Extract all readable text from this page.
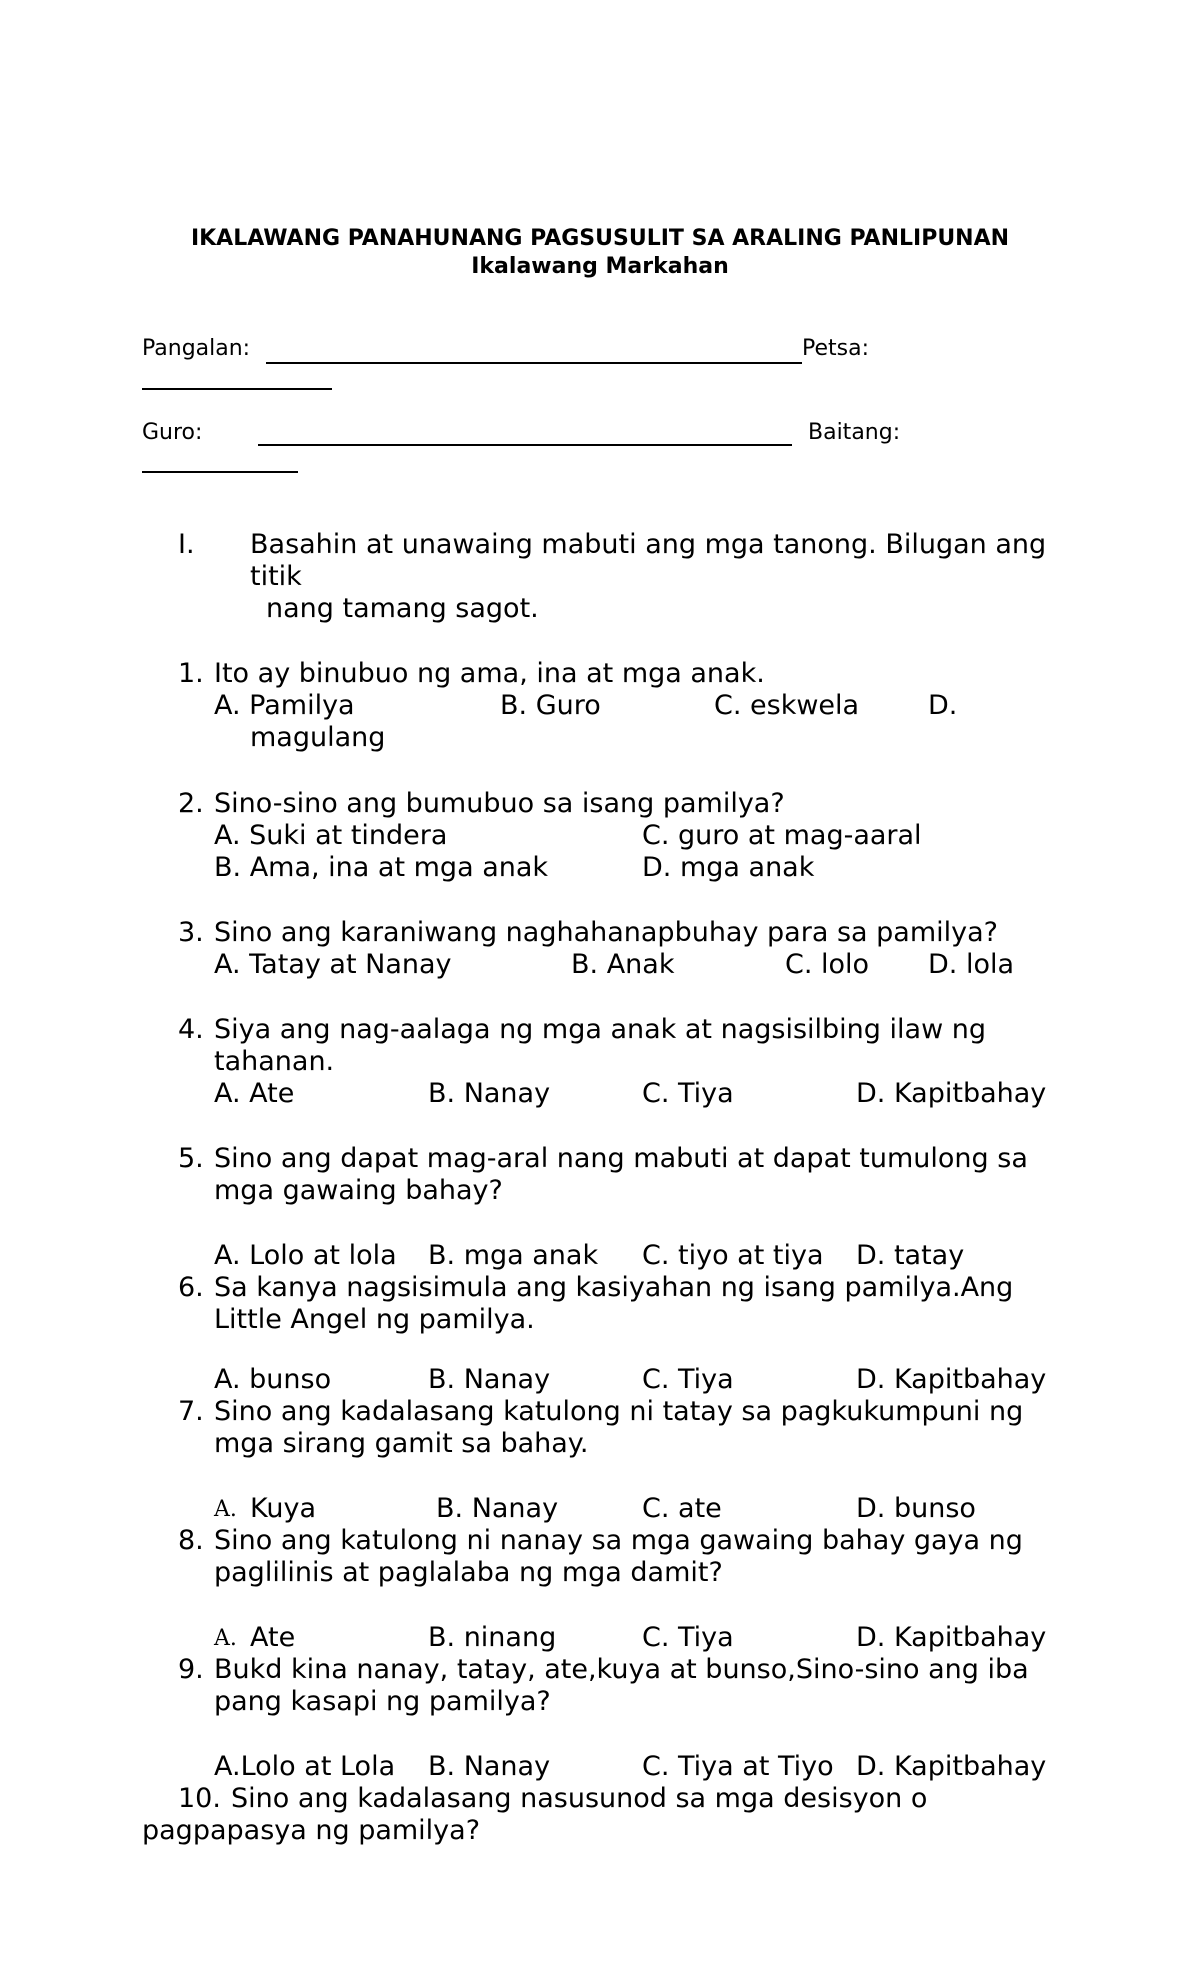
IKALAWANG PANAHUNANG PAGSUSULIT SA ARALING PANLIPUNAN
Ikalawang Markahan
Pangalan:	Petsa:
Guro:	Baitang:
I. Basahin at unawaing mabuti ang mga tanong. Bilugan ang
titik
nang tamang sagot.
1. Ito ay binubuo ng ama, ina at mga anak.
A. Pamilya	B. Guro	C. eskwela	D.
magulang
2. Sino-sino ang bumubuo sa isang pamilya?
A. Suki at tindera	C. guro at mag-aaral
B. Ama, ina at mga anak	D. mga anak
3. Sino ang karaniwang naghahanapbuhay para sa pamilya?
A. Tatay at Nanay	B. Anak	C. lolo D. lola
4. Siya ang nag-aalaga ng mga anak at nagsisilbing ilaw ng
tahanan.
A. Ate	B. Nanay	C. Tiya	D. Kapitbahay
5. Sino ang dapat mag-aral nang mabuti at dapat tumulong sa
mga gawaing bahay?
A. Lolo at lola B. mga anak C. tiyo at tiya D. tatay
6. Sa kanya nagsisimula ang kasiyahan ng isang pamilya.Ang
Little Angel ng pamilya.
A. bunso	B. Nanay	C. Tiya	D. Kapitbahay
7. Sino ang kadalasang katulong ni tatay sa pagkukumpuni ng
mga sirang gamit sa bahay.
A. Kuya	B. Nanay	C. ate	D. bunso
8. Sino ang katulong ni nanay sa mga gawaing bahay gaya ng
paglilinis at paglalaba ng mga damit?
A. Ate	B. ninang	C. Tiya	D. Kapitbahay
9. Bukd kina nanay, tatay, ate,kuya at bunso,Sino-sino ang iba
pang kasapi ng pamilya?
A.Lolo at Lola B. Nanay	C. Tiya at Tiyo D. Kapitbahay
10. Sino ang kadalasang nasusunod sa mga desisyon o
pagpapasya ng pamilya?
